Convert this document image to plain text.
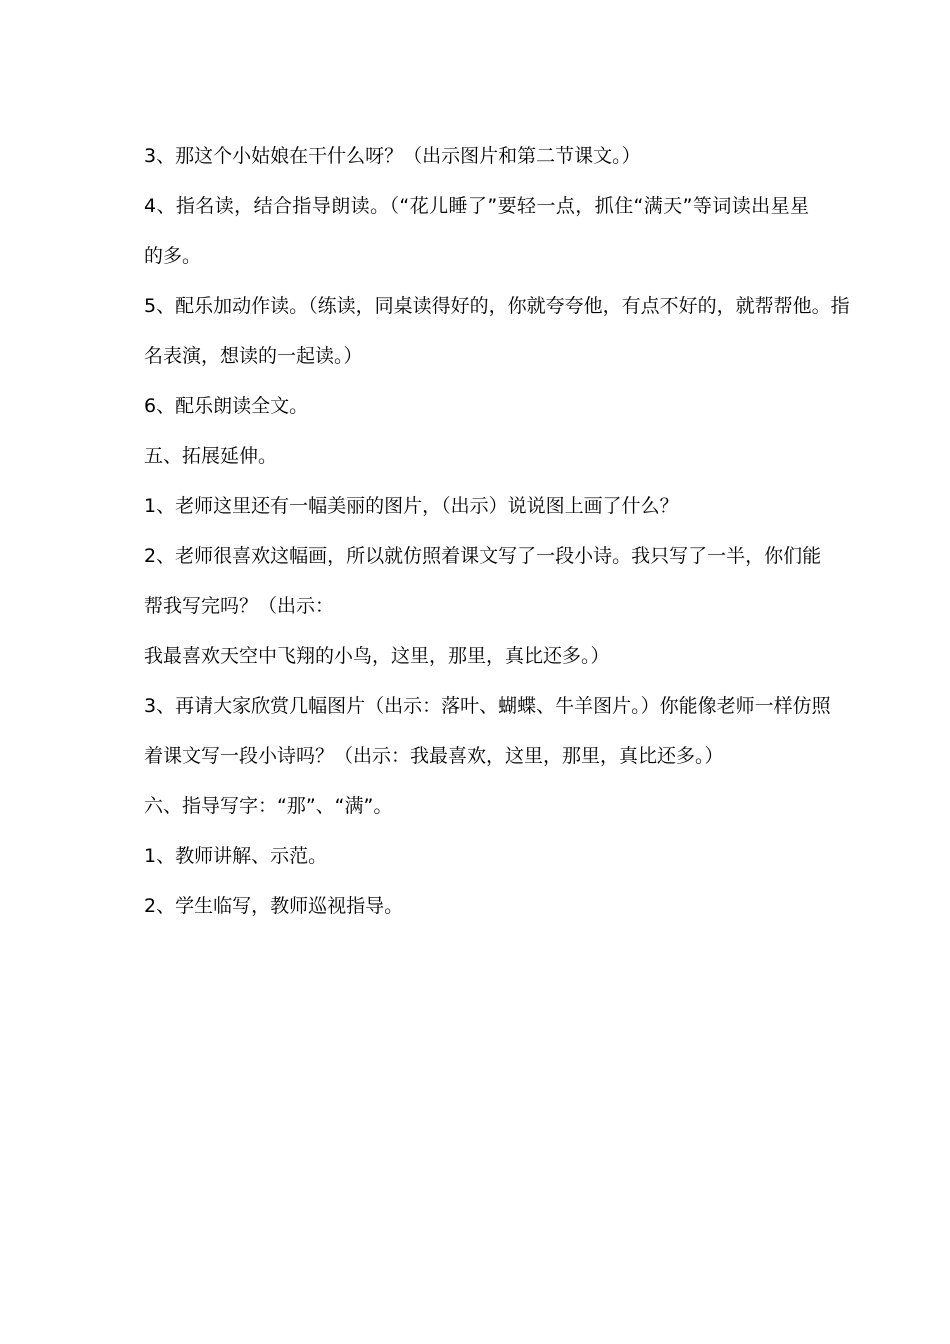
3、那这个小姑娘在干什么呀？（出示图片和第二节课文。）
4、指名读，结合指导朗读。（“花儿睡了”要轻一点，抓住“满天”等词读出星星
的多。
5、配乐加动作读。（练读，同桌读得好的，你就夸夸他，有点不好的，就帮帮他。指
名表演，想读的一起读。）
6、配乐朗读全文。
五、拓展延伸。
1、老师这里还有一幅美丽的图片，（出示）说说图上画了什么？
2、老师很喜欢这幅画，所以就仿照着课文写了一段小诗。我只写了一半，你们能
帮我写完吗？（出示：
我最喜欢天空中飞翔的小鸟，这里，那里，真比还多。）
3、再请大家欣赏几幅图片（出示：落叶、蝴蝶、牛羊图片。）你能像老师一样仿照
着课文写一段小诗吗？（出示：我最喜欢，这里，那里，真比还多。）
六、指导写字：“那”、“满”。
1、教师讲解、示范。
2、学生临写，教师巡视指导。
